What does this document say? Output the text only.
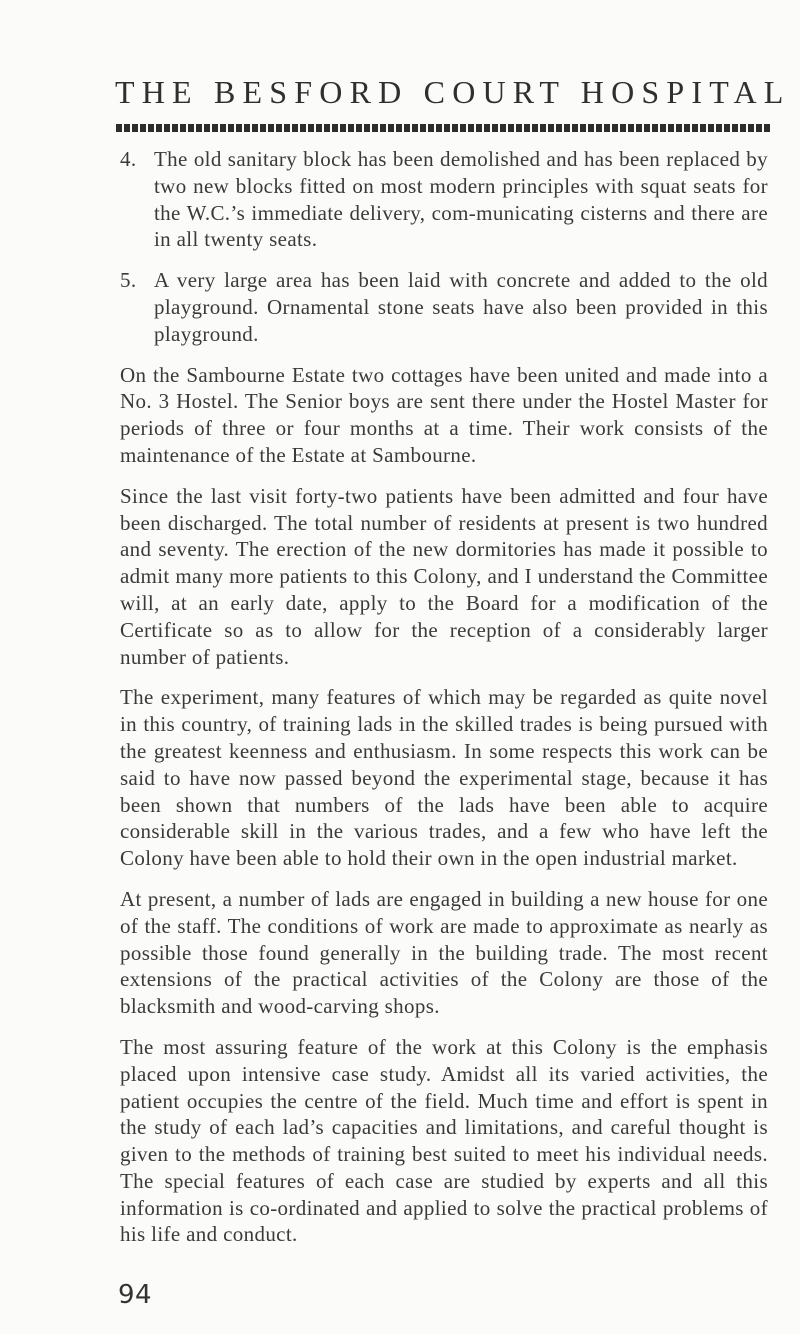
THE BESFORD COURT HOSPITAL
4. The old sanitary block has been demolished and has been replaced by two new blocks fitted on most modern principles with squat seats for the W.C.’s immediate delivery, com-municating cisterns and there are in all twenty seats.
5. A very large area has been laid with concrete and added to the old playground. Ornamental stone seats have also been provided in this playground.

On the Sambourne Estate two cottages have been united and made into a No. 3 Hostel. The Senior boys are sent there under the Hostel Master for periods of three or four months at a time. Their work consists of the maintenance of the Estate at Sambourne.

Since the last visit forty-two patients have been admitted and four have been discharged. The total number of residents at present is two hundred and seventy. The erection of the new dormitories has made it possible to admit many more patients to this Colony, and I understand the Committee will, at an early date, apply to the Board for a modification of the Certificate so as to allow for the reception of a considerably larger number of patients.

The experiment, many features of which may be regarded as quite novel in this country, of training lads in the skilled trades is being pursued with the greatest keenness and enthusiasm. In some respects this work can be said to have now passed beyond the experimental stage, because it has been shown that numbers of the lads have been able to acquire considerable skill in the various trades, and a few who have left the Colony have been able to hold their own in the open industrial market.

At present, a number of lads are engaged in building a new house for one of the staff. The conditions of work are made to approximate as nearly as possible those found generally in the building trade. The most recent extensions of the practical activities of the Colony are those of the blacksmith and wood-carving shops.

The most assuring feature of the work at this Colony is the emphasis placed upon intensive case study. Amidst all its varied activities, the patient occupies the centre of the field. Much time and effort is spent in the study of each lad’s capacities and limitations, and careful thought is given to the methods of training best suited to meet his individual needs. The special features of each case are studied by experts and all this information is co-ordinated and applied to solve the practical problems of his life and conduct.

94
